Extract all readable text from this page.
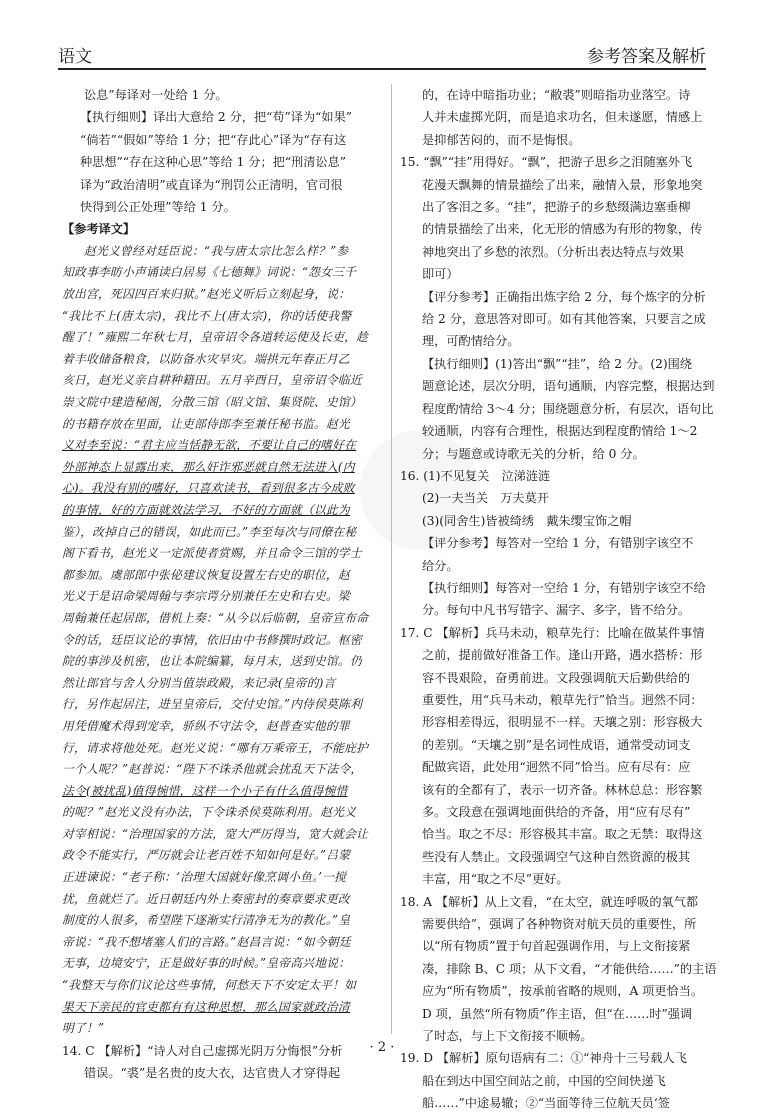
语文	参考答案及解析

讼息”每译对一处给 1 分。

【执行细则】译出大意给 2 分，把“苟”译为“如果”

“倘若”“假如”等给 1 分；把“存此心”译为“存有这

种思想”“存在这种心思”等给 1 分；把“刑清讼息”

译为“政治清明”或直译为“刑罚公正清明，官司很

快得到公正处理”等给 1 分。

【参考译文】

赵光义曾经对廷臣说：“我与唐太宗比怎么样？”参

知政事李昉小声诵读白居易《七德舞》词说：“怨女三千

放出宫，死囚四百来归狱。”赵光义听后立刻起身，说：

“我比不上(唐太宗)，我比不上(唐太宗)，你的话使我警

醒了！”雍熙二年秋七月，皇帝诏令各道转运使及长吏，趁

着丰收储备粮食，以防备水灾旱灾。端拱元年春正月乙

亥日，赵光义亲自耕种籍田。五月辛酉日，皇帝诏令临近

崇文院中建造秘阁，分散三馆（昭文馆、集贤院、史馆）

的书籍存放在里面，让吏部侍郎李至兼任秘书监。赵光

义对李至说：“君主应当恬静无欲，不要让自己的嗜好在

外部神态上显露出来，那么奸诈邪恶就自然无法进入(内

心)。我没有别的嗜好，只喜欢读书，看到很多古今成败

的事情，好的方面就效法学习，不好的方面就（以此为

鉴），改掉自己的错误，如此而已。”李至每次与同僚在秘

阁下看书，赵光义一定派使者赏赐，并且命令三馆的学士

都参加。虞部郎中张佖建议恢复设置左右史的职位，赵

光义于是诏命梁周翰与李宗谔分别兼任左史和右史。梁

周翰兼任起居郎，借机上奏：“从今以后临朝，皇帝宣布命

令的话，廷臣议论的事情，依旧由中书修撰时政记。枢密

院的事涉及机密，也让本院编纂，每月末，送到史馆。仍

然让郎官与舍人分别当值崇政殿，来记录(皇帝的)言

行，另作起居注，进呈皇帝后，交付史馆。”内侍侯莫陈利

用凭借魔术得到宠幸，骄纵不守法令，赵普查实他的罪

行，请求将他处死。赵光义说：“哪有万乘帝王，不能庇护

一个人呢？”赵普说：“陛下不诛杀他就会扰乱天下法令，

法令(被扰乱)值得惋惜，这样一个小子有什么值得惋惜

的呢？”赵光义没有办法，下令诛杀侯莫陈利用。赵光义

对宰相说：“治理国家的方法，宽大严厉得当，宽大就会让

政令不能实行，严厉就会让老百姓不知如何是好。”吕蒙

正进谏说：“老子称：‘治理大国就好像烹调小鱼。’一搅

扰，鱼就烂了。近日朝廷内外上奏密封的奏章要求更改

制度的人很多，希望陛下逐渐实行清净无为的教化。”皇

帝说：“我不想堵塞人们的言路。”赵昌言说：“如今朝廷

无事，边境安宁，正是做好事的时候。”皇帝高兴地说：

“我整天与你们议论这些事情，何愁天下不安定太平！如

果天下亲民的官吏都有有这种思想，那么国家就政治清

明了！”

14. C 【解析】“诗人对自己虚掷光阴万分悔恨”分析

错误。“裘”是名贵的皮大衣，达官贵人才穿得起

的，在诗中暗指功业；“敝裘”则暗指功业落空。诗

人并未虚掷光阴，而是追求功名，但未遂愿，情感上

是抑郁苦闷的，而不是悔恨。

15. “飘”“挂”用得好。“飘”，把游子思乡之泪随塞外飞

花漫天飘舞的情景描绘了出来，融情入景，形象地突

出了客泪之多。“挂”，把游子的乡愁缀满边塞垂柳

的情景描绘了出来，化无形的情感为有形的物象，传

神地突出了乡愁的浓烈。（分析出表达特点与效果

即可）

【评分参考】正确指出炼字给 2 分，每个炼字的分析

给 2 分，意思答对即可。如有其他答案，只要言之成

理，可酌情给分。

【执行细则】(1)答出“飘”“挂”，给 2 分。(2)围绕

题意论述，层次分明，语句通顺，内容完整，根据达到

程度酌情给 3～4 分；围绕题意分析，有层次，语句比

较通顺，内容有合理性，根据达到程度酌情给 1～2

分；与题意或诗歌无关的分析，给 0 分。

16. (1)不见复关　泣涕涟涟

(2)一夫当关　万夫莫开

(3)(同舍生)皆被绮绣　戴朱缨宝饰之帽

【评分参考】每答对一空给 1 分，有错别字该空不

给分。

【执行细则】每答对一空给 1 分，有错别字该空不给

分。每句中凡书写错字、漏字、多字，皆不给分。

17. C 【解析】兵马未动，粮草先行：比喻在做某件事情

之前，提前做好准备工作。逢山开路，遇水搭桥：形

容不畏艰险，奋勇前进。文段强调航天后勤供给的

重要性，用“兵马未动，粮草先行”恰当。迥然不同：

形容相差得远，很明显不一样。天壤之别：形容极大

的差别。“天壤之别”是名词性成语，通常受动词支

配做宾语，此处用“迥然不同”恰当。应有尽有：应

该有的全都有了，表示一切齐备。林林总总：形容繁

多。文段意在强调地面供给的齐备，用“应有尽有”

恰当。取之不尽：形容极其丰富。取之无禁：取得这

些没有人禁止。文段强调空气这种自然资源的极其

丰富，用“取之不尽”更好。

18. A 【解析】从上文看，“在太空，就连呼吸的氧气都

需要供给”，强调了各种物资对航天员的重要性，所

以“所有物质”置于句首起强调作用，与上文衔接紧

凑，排除 B、C 项；从下文看，“才能供给……”的主语

应为“所有物质”，按承前省略的规则，A 项更恰当。

D 项，虽然“所有物质”作主语，但“在……时”强调

了时态，与上下文衔接不顺畅。

19. D 【解析】原句语病有二：①“神舟十三号载人飞

船在到达中国空间站之前，中国的空间快递飞

船……”中途易辙；②“当面等待三位航天员‘签

· 2 ·
